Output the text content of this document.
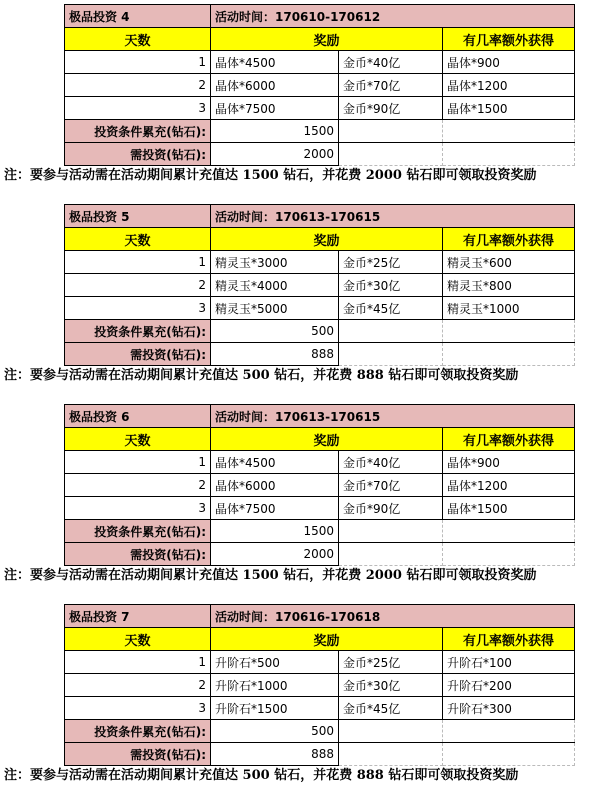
极品投资 4	活动时间：170610-170612		
天数	奖励		有几率额外获得
1	晶体*4500	金币*40亿	晶体*900
2	晶体*6000	金币*70亿	晶体*1200
3	晶体*7500	金币*90亿	晶体*1500
投资条件累充(钻石):	1500		
需投资(钻石):	2000		
注：要参与活动需在活动期间累计充值达 1500 钻石，并花费 2000 钻石即可领取投资奖励
极品投资 5	活动时间：170613-170615		
天数	奖励		有几率额外获得
1	精灵玉*3000	金币*25亿	精灵玉*600
2	精灵玉*4000	金币*30亿	精灵玉*800
3	精灵玉*5000	金币*45亿	精灵玉*1000
投资条件累充(钻石):	500		
需投资(钻石):	888		
注：要参与活动需在活动期间累计充值达 500 钻石，并花费 888 钻石即可领取投资奖励
极品投资 6	活动时间：170613-170615		
天数	奖励		有几率额外获得
1	晶体*4500	金币*40亿	晶体*900
2	晶体*6000	金币*70亿	晶体*1200
3	晶体*7500	金币*90亿	晶体*1500
投资条件累充(钻石):	1500		
需投资(钻石):	2000		
注：要参与活动需在活动期间累计充值达 1500 钻石，并花费 2000 钻石即可领取投资奖励
极品投资 7	活动时间：170616-170618		
天数	奖励		有几率额外获得
1	升阶石*500	金币*25亿	升阶石*100
2	升阶石*1000	金币*30亿	升阶石*200
3	升阶石*1500	金币*45亿	升阶石*300
投资条件累充(钻石):	500		
需投资(钻石):	888		
注：要参与活动需在活动期间累计充值达 500 钻石，并花费 888 钻石即可领取投资奖励
